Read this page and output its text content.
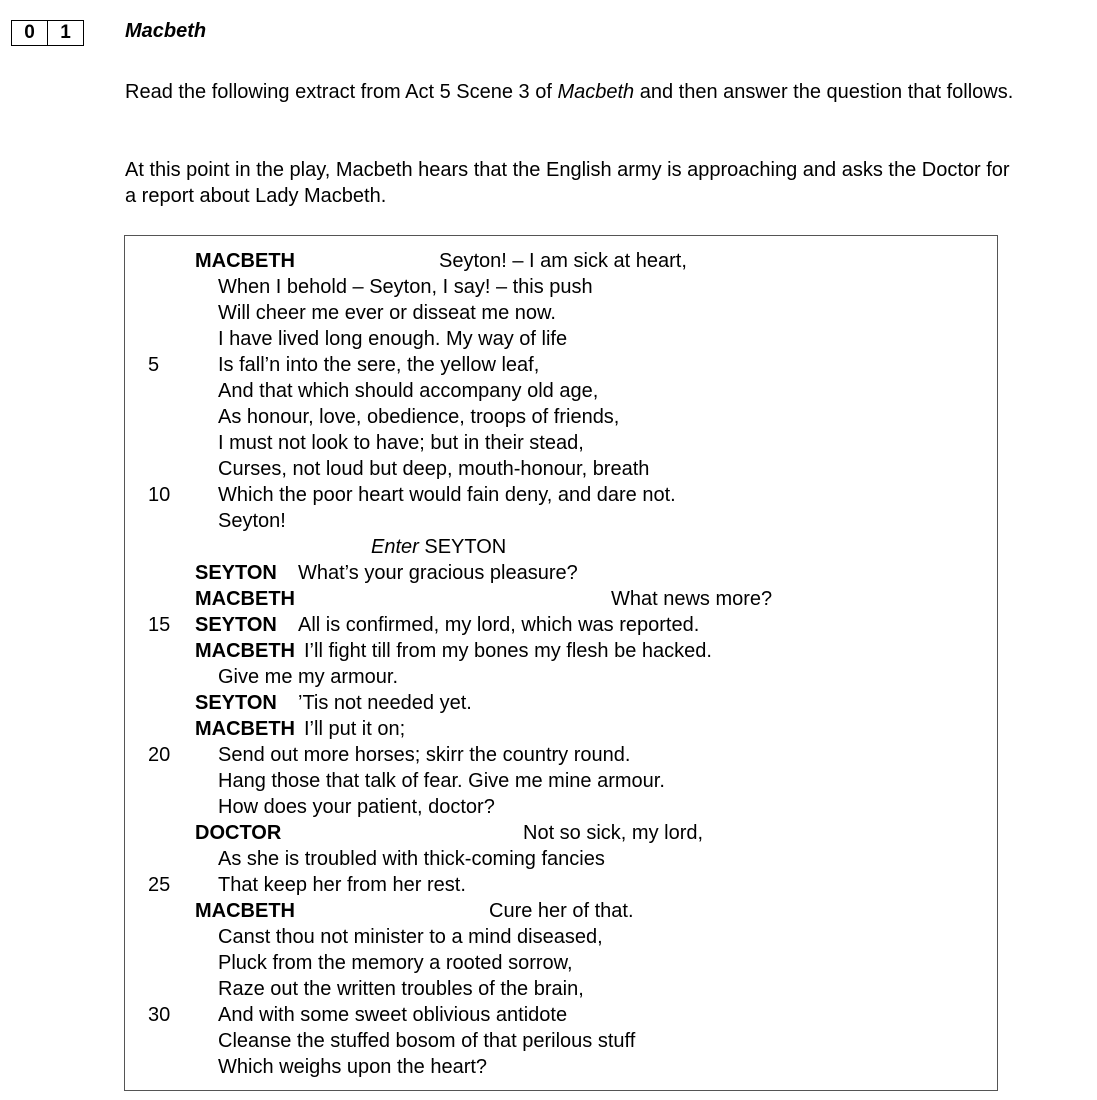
0	1	Macbeth
Read the following extract from Act 5 Scene 3 of Macbeth and then answer the question that follows.
At this point in the play, Macbeth hears that the English army is approaching and asks the Doctor for a report about Lady Macbeth.
MACBETH	Seyton! – I am sick at heart,
When I behold – Seyton, I say! – this push
Will cheer me ever or disseat me now.
I have lived long enough. My way of life
5	Is fall’n into the sere, the yellow leaf,
And that which should accompany old age,
As honour, love, obedience, troops of friends,
I must not look to have; but in their stead,
Curses, not loud but deep, mouth-honour, breath
10 Which the poor heart would fain deny, and dare not.
Seyton!
Enter SEYTON
SEYTON What’s your gracious pleasure?
MACBETH	What news more?
15 SEYTON All is confirmed, my lord, which was reported.
MACBETH I’ll fight till from my bones my flesh be hacked.
Give me my armour.
SEYTON ’Tis not needed yet.
MACBETH I’ll put it on;
20 Send out more horses; skirr the country round.
Hang those that talk of fear. Give me mine armour.
How does your patient, doctor?
DOCTOR	Not so sick, my lord,
As she is troubled with thick-coming fancies
25 That keep her from her rest.
MACBETH	Cure her of that.
Canst thou not minister to a mind diseased,
Pluck from the memory a rooted sorrow,
Raze out the written troubles of the brain,
30 And with some sweet oblivious antidote
Cleanse the stuffed bosom of that perilous stuff
Which weighs upon the heart?
